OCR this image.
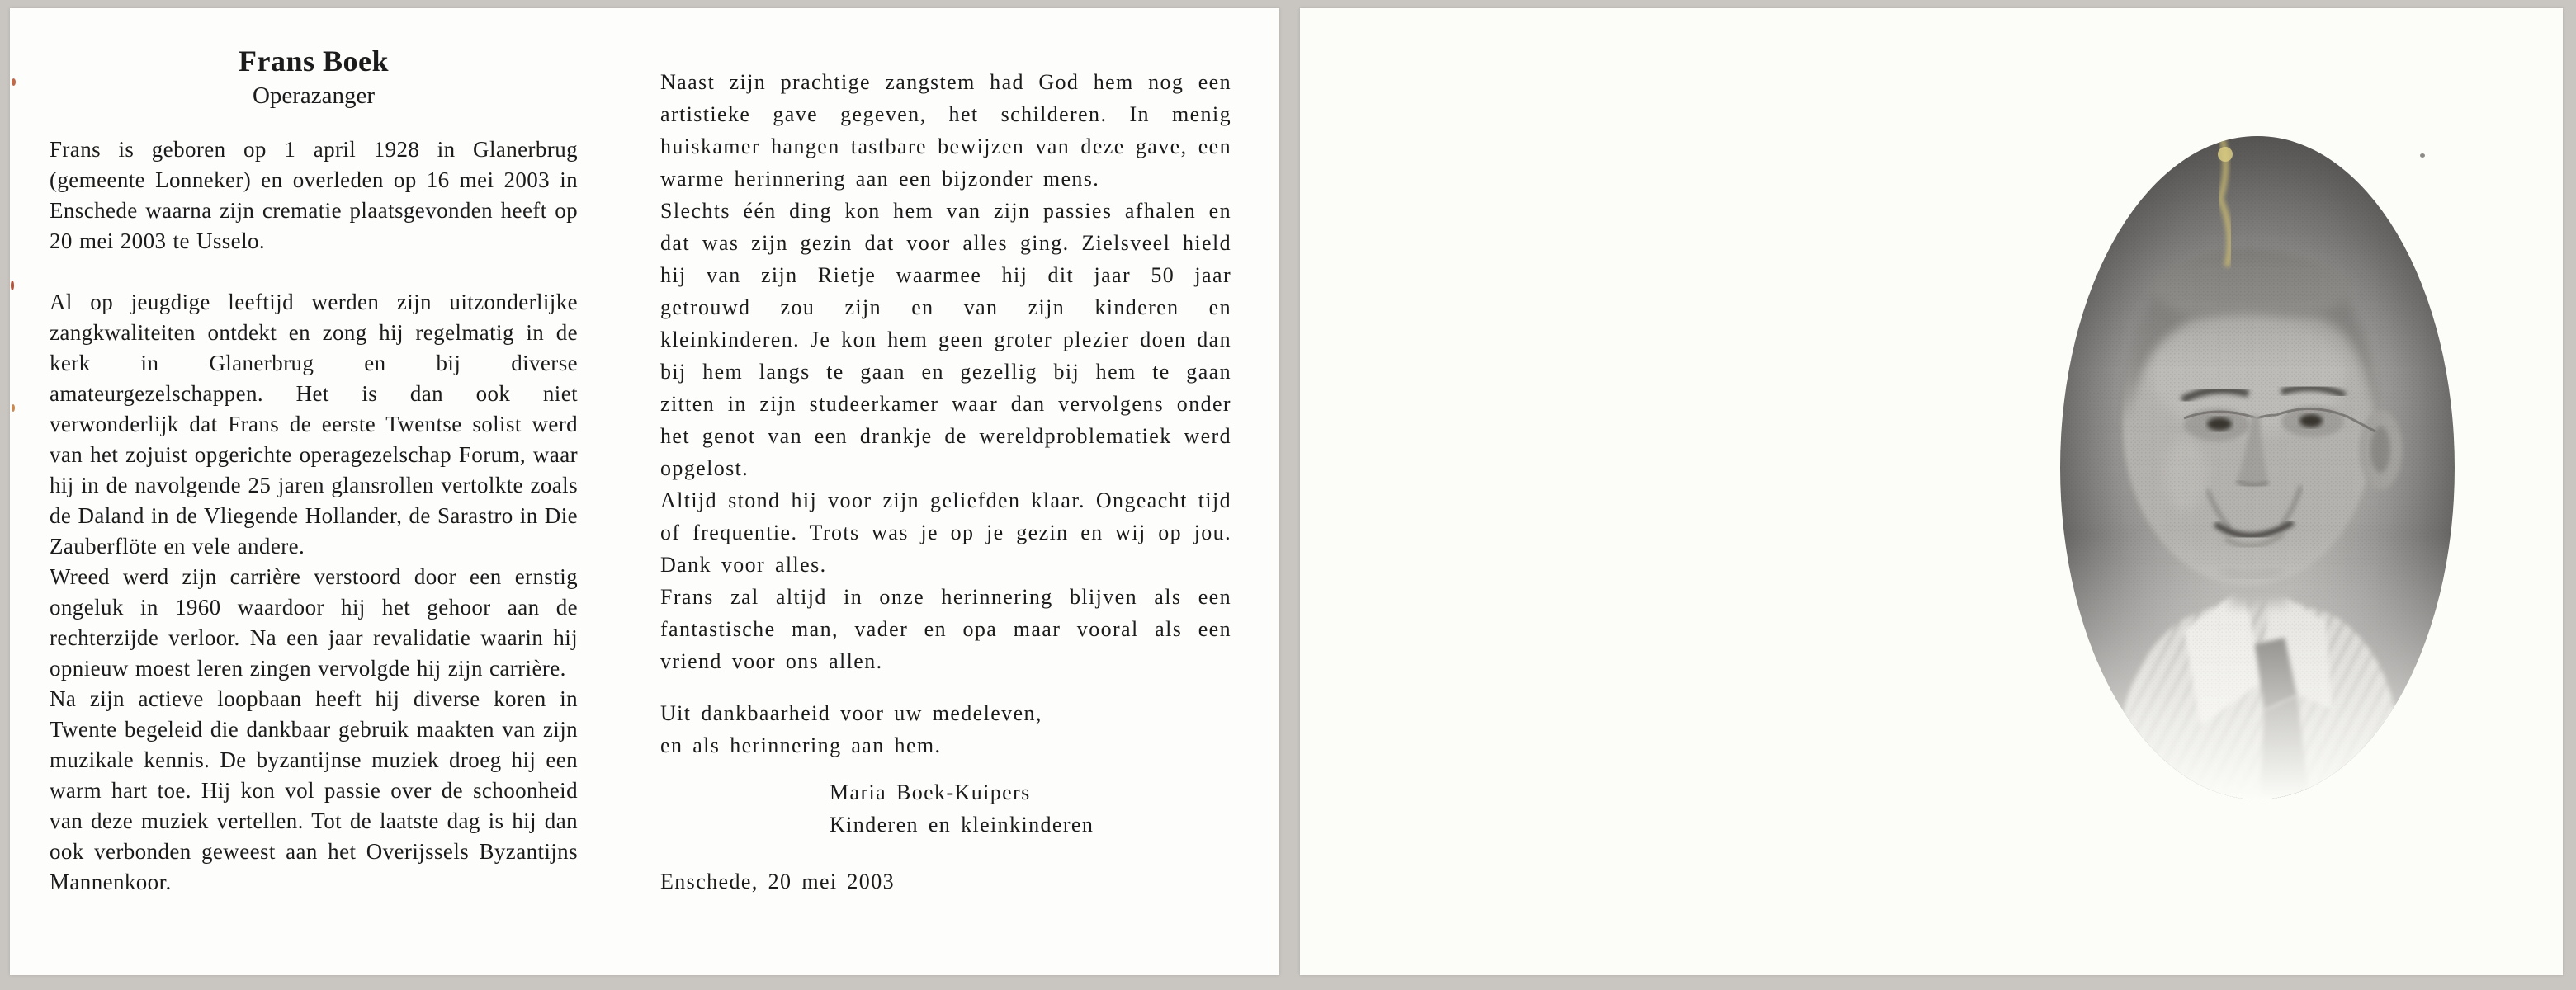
Frans Boek
Operazanger

Frans is geboren op 1 april 1928 in Glanerbrug (gemeente Lonneker) en overleden op 16 mei 2003 in Enschede waarna zijn crematie plaatsgevonden heeft op 20 mei 2003 te Usselo.

Al op jeugdige leeftijd werden zijn uitzonderlijke zangkwaliteiten ontdekt en zong hij regelmatig in de kerk in Glanerbrug en bij diverse amateurgezelschappen. Het is dan ook niet verwonderlijk dat Frans de eerste Twentse solist werd van het zojuist opgerichte operagezelschap Forum, waar hij in de navolgende 25 jaren glansrollen vertolkte zoals de Daland in de Vliegende Hollander, de Sarastro in Die Zauberflöte en vele andere.

Wreed werd zijn carrière verstoord door een ernstig ongeluk in 1960 waardoor hij het gehoor aan de rechterzijde verloor. Na een jaar revalidatie waarin hij opnieuw moest leren zingen vervolgde hij zijn carrière.

Na zijn actieve loopbaan heeft hij diverse koren in Twente begeleid die dankbaar gebruik maakten van zijn muzikale kennis. De byzantijnse muziek droeg hij een warm hart toe. Hij kon vol passie over de schoonheid van deze muziek vertellen. Tot de laatste dag is hij dan ook verbonden geweest aan het Overijssels Byzantijns Mannenkoor.

Naast zijn prachtige zangstem had God hem nog een artistieke gave gegeven, het schilderen. In menig huiskamer hangen tastbare bewijzen van deze gave, een warme herinnering aan een bijzonder mens.

Slechts één ding kon hem van zijn passies afhalen en dat was zijn gezin dat voor alles ging. Zielsveel hield hij van zijn Rietje waarmee hij dit jaar 50 jaar getrouwd zou zijn en van zijn kinderen en kleinkinderen. Je kon hem geen groter plezier doen dan bij hem langs te gaan en gezellig bij hem te gaan zitten in zijn studeerkamer waar dan vervolgens onder het genot van een drankje de wereldproblematiek werd opgelost.

Altijd stond hij voor zijn geliefden klaar. Ongeacht tijd of frequentie. Trots was je op je gezin en wij op jou. Dank voor alles.

Frans zal altijd in onze herinnering blijven als een fantastische man, vader en opa maar vooral als een vriend voor ons allen.

Uit dankbaarheid voor uw medeleven,
en als herinnering aan hem.
Maria Boek-Kuipers
Kinderen en kleinkinderen
Enschede, 20 mei 2003
